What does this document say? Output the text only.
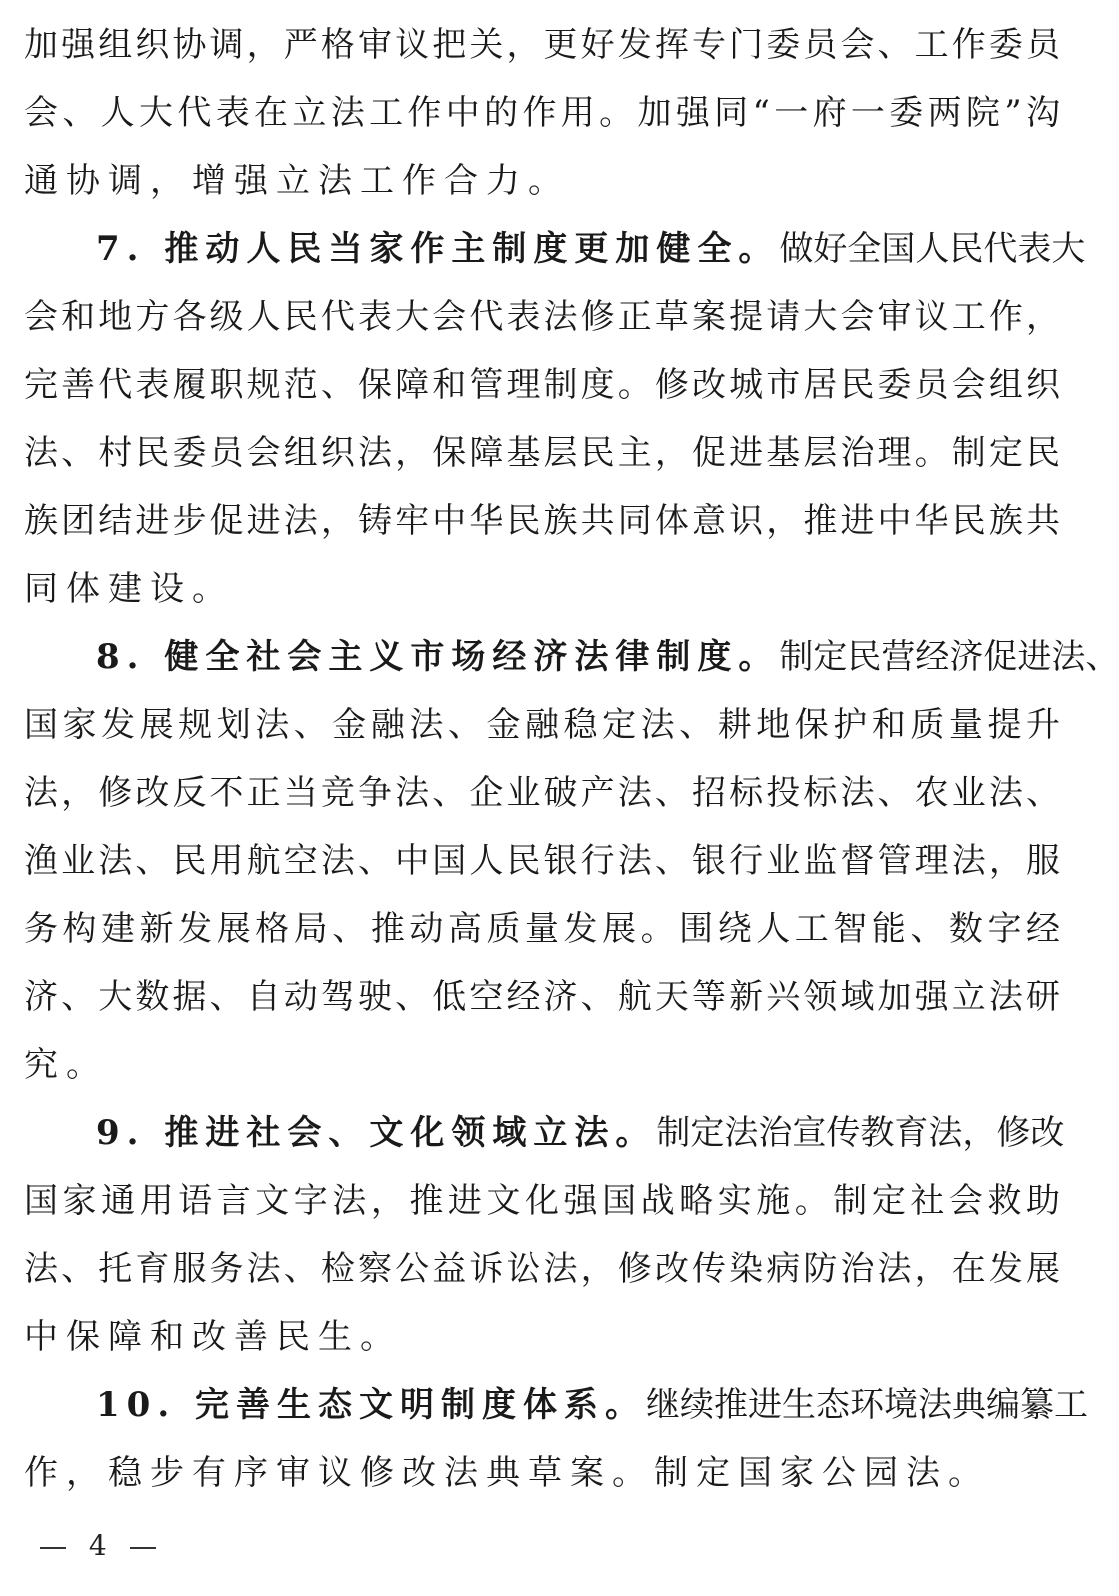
加强组织协调，严格审议把关，更好发挥专门委员会、工作委员
会、人大代表在立法工作中的作用。加强同“一府一委两院”沟
通协调，增强立法工作合力。
7. 推动人民当家作主制度更加健全。做好全国人民代表大
会和地方各级人民代表大会代表法修正草案提请大会审议工作，
完善代表履职规范、保障和管理制度。修改城市居民委员会组织
法、村民委员会组织法，保障基层民主，促进基层治理。制定民
族团结进步促进法，铸牢中华民族共同体意识，推进中华民族共
同体建设。
8. 健全社会主义市场经济法律制度。制定民营经济促进法、
国家发展规划法、金融法、金融稳定法、耕地保护和质量提升
法，修改反不正当竞争法、企业破产法、招标投标法、农业法、
渔业法、民用航空法、中国人民银行法、银行业监督管理法，服
务构建新发展格局、推动高质量发展。围绕人工智能、数字经
济、大数据、自动驾驶、低空经济、航天等新兴领域加强立法研
究。
9. 推进社会、文化领域立法。制定法治宣传教育法，修改
国家通用语言文字法，推进文化强国战略实施。制定社会救助
法、托育服务法、检察公益诉讼法，修改传染病防治法，在发展
中保障和改善民生。
10. 完善生态文明制度体系。继续推进生态环境法典编纂工
作，稳步有序审议修改法典草案。制定国家公园法。
4
